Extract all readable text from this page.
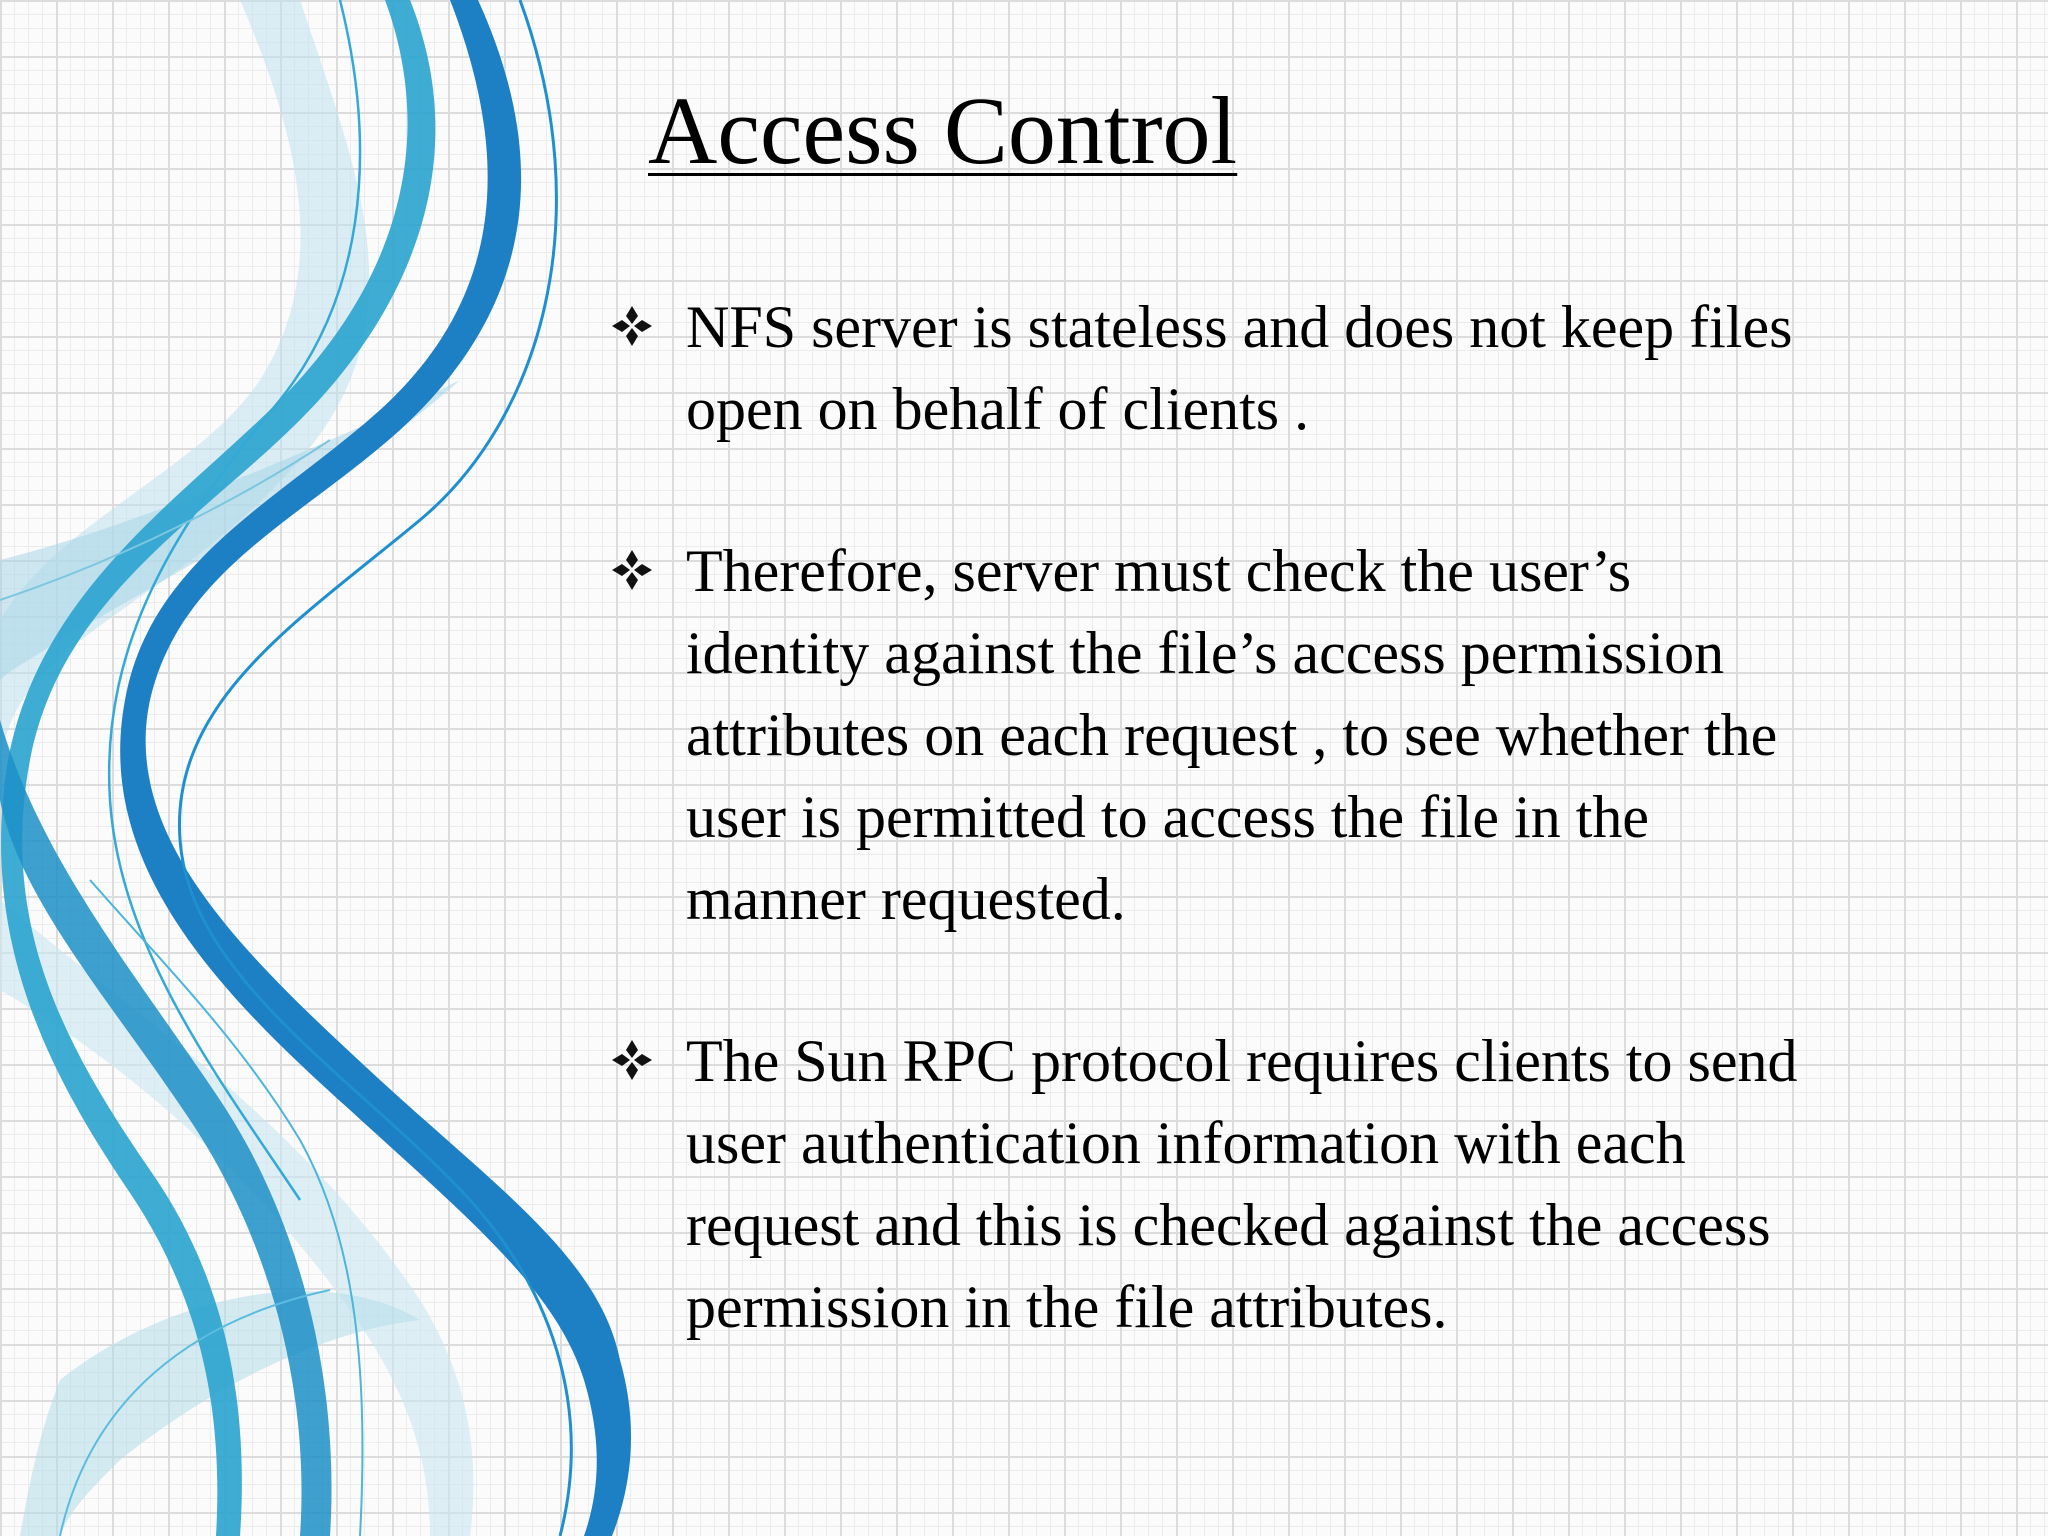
Access Control
NFS server is stateless and does not keep files
open on behalf of clients .
Therefore, server must check the user’s
identity against the file’s access permission
attributes on each request , to see whether the
user is permitted to access the file in the
manner requested.
The Sun RPC protocol requires clients to send
user authentication information with each
request and this is checked against the access
permission in the file attributes.
